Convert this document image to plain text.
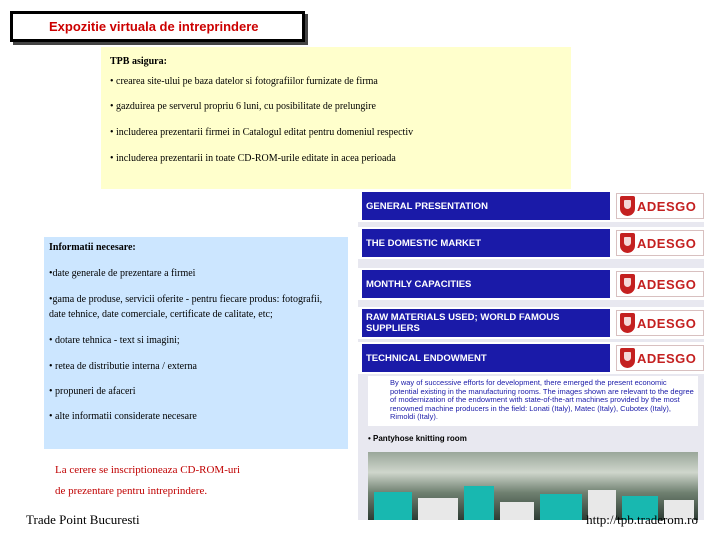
Expozitie virtuala de intreprindere
TPB asigura:
• crearea site-ului pe baza datelor si fotografiilor furnizate de firma
• gazduirea pe serverul propriu 6 luni, cu posibilitate de prelungire
• includerea prezentarii firmei in Catalogul editat pentru domeniul respectiv
• includerea prezentarii in toate CD-ROM-urile editate in acea perioada
Informatii necesare:
•date generale de prezentare a firmei
•gama de produse, servicii oferite - pentru fiecare produs: fotografii,
date tehnice, date comerciale, certificate de calitate, etc;
• dotare tehnica - text si imagini;
• retea de distributie interna / externa
• propuneri de afaceri
• alte informatii considerate necesare
La cerere se inscriptioneaza CD-ROM-uri
de prezentare pentru intreprindere.
GENERAL PRESENTATION	ADESGO
THE DOMESTIC MARKET	ADESGO
MONTHLY CAPACITIES	ADESGO
RAW MATERIALS USED; WORLD FAMOUS SUPPLIERS	ADESGO
TECHNICAL ENDOWMENT	ADESGO
By way of successive efforts for development, there emerged the present economic potential existing in the manufacturing rooms. The images shown are relevant to the degree of modernization of the endowment with state-of-the-art machines provided by the most renowned machine producers in the field: Lonati (Italy), Matec (Italy), Cubotex (Italy), Rimoldi (Italy).
• Pantyhose knitting room
Trade Point Bucuresti	http://tpb.traderom.ro
